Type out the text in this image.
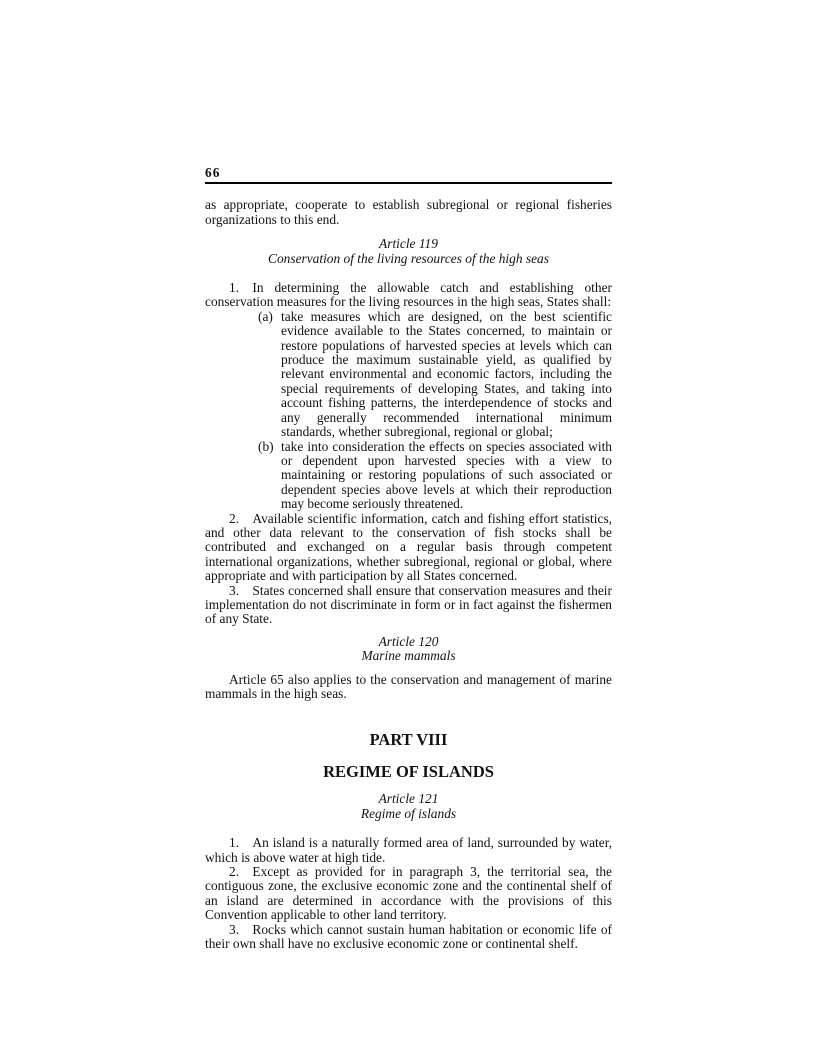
66

as appropriate, cooperate to establish subregional or regional fisheries organizations to this end.

Article 119
Conservation of the living resources of the high seas

1. In determining the allowable catch and establishing other conservation measures for the living resources in the high seas, States shall:

(a) take measures which are designed, on the best scientific evidence available to the States concerned, to maintain or restore populations of harvested species at levels which can produce the maximum sustainable yield, as qualified by relevant environmental and economic factors, including the special requirements of developing States, and taking into account fishing patterns, the interdependence of stocks and any generally recommended international minimum standards, whether subregional, regional or global;
(b) take into consideration the effects on species associated with or dependent upon harvested species with a view to maintaining or restoring populations of such associated or dependent species above levels at which their reproduction may become seriously threatened.

2. Available scientific information, catch and fishing effort statistics, and other data relevant to the conservation of fish stocks shall be contributed and exchanged on a regular basis through competent international organizations, whether subregional, regional or global, where appropriate and with participation by all States concerned.

3. States concerned shall ensure that conservation measures and their implementation do not discriminate in form or in fact against the fishermen of any State.

Article 120
Marine mammals

Article 65 also applies to the conservation and management of marine mammals in the high seas.

PART VIII
REGIME OF ISLANDS
Article 121
Regime of islands

1. An island is a naturally formed area of land, surrounded by water, which is above water at high tide.

2. Except as provided for in paragraph 3, the territorial sea, the contiguous zone, the exclusive economic zone and the continental shelf of an island are determined in accordance with the provisions of this Convention applicable to other land territory.

3. Rocks which cannot sustain human habitation or economic life of their own shall have no exclusive economic zone or continental shelf.
